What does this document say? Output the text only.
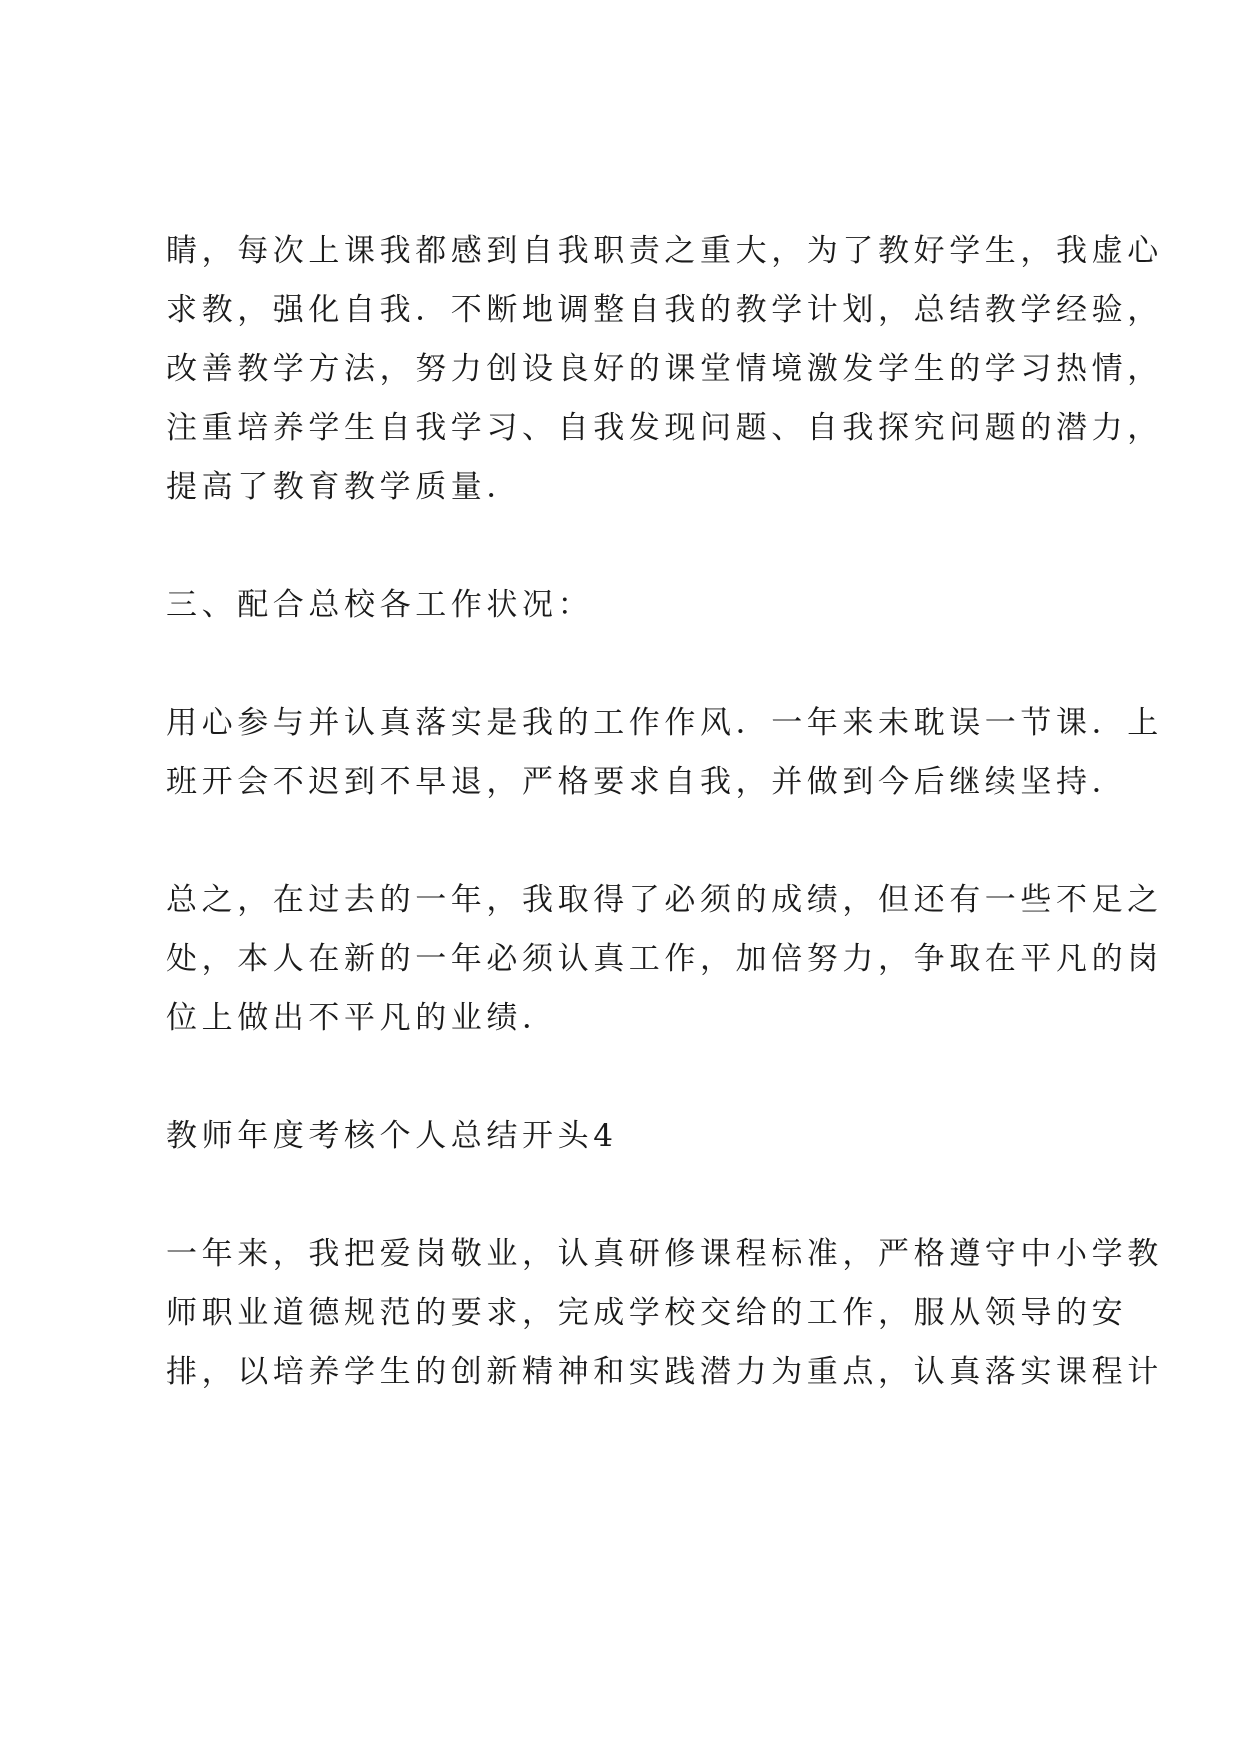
睛，每次上课我都感到自我职责之重大，为了教好学生，我虚心
求教，强化自我．不断地调整自我的教学计划，总结教学经验，
改善教学方法，努力创设良好的课堂情境激发学生的学习热情，
注重培养学生自我学习、自我发现问题、自我探究问题的潜力，
提高了教育教学质量．
三、配合总校各工作状况：
用心参与并认真落实是我的工作作风．一年来未耽误一节课．上
班开会不迟到不早退，严格要求自我，并做到今后继续坚持．
总之，在过去的一年，我取得了必须的成绩，但还有一些不足之
处，本人在新的一年必须认真工作，加倍努力，争取在平凡的岗
位上做出不平凡的业绩．
教师年度考核个人总结开头4
一年来，我把爱岗敬业，认真研修课程标准，严格遵守中小学教
师职业道德规范的要求，完成学校交给的工作，服从领导的安
排，以培养学生的创新精神和实践潜力为重点，认真落实课程计
